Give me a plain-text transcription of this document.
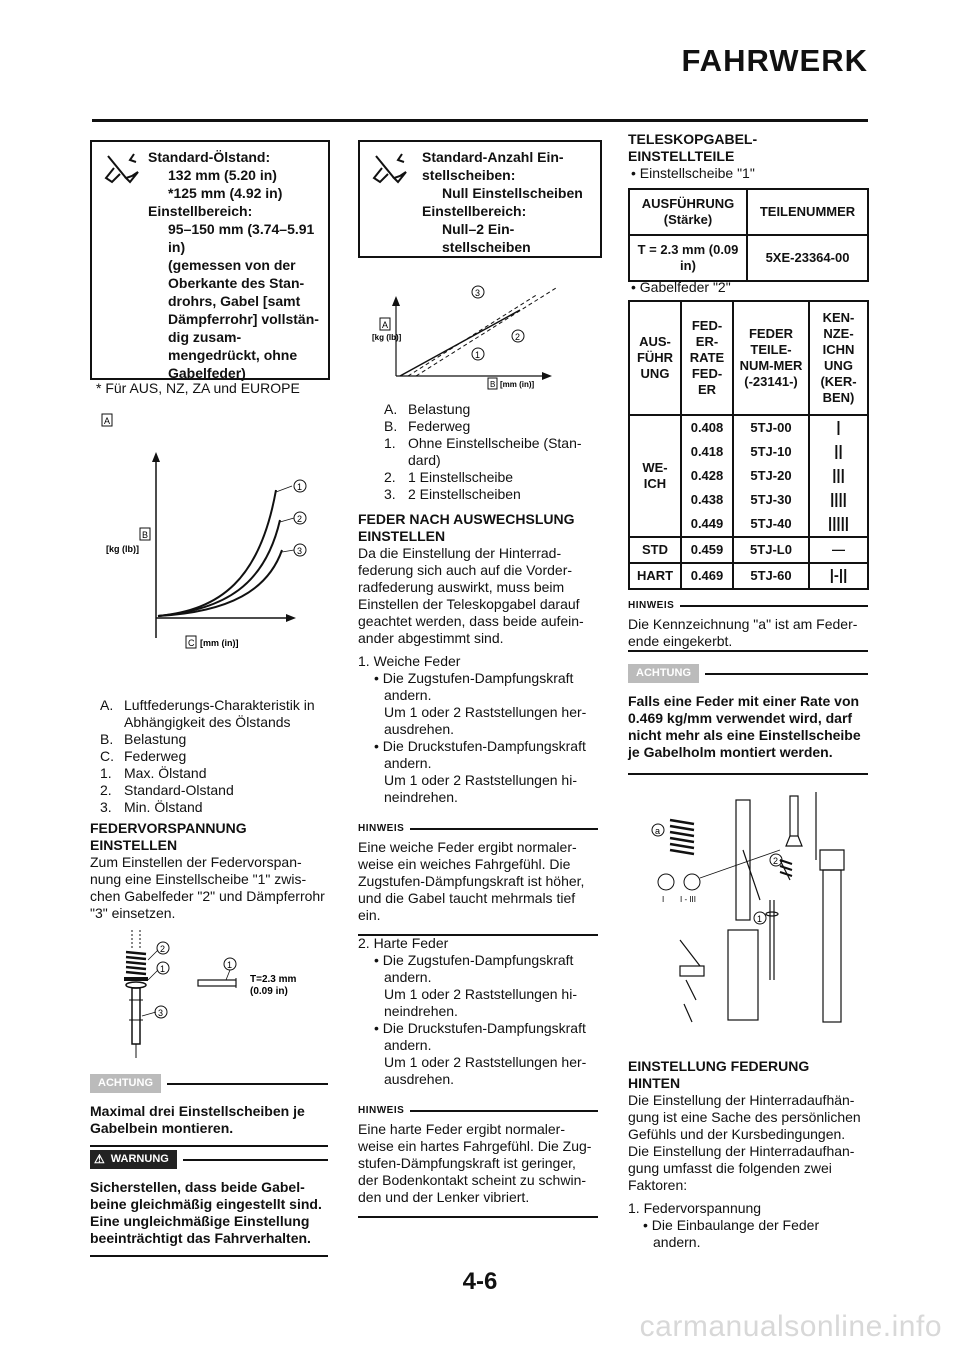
FAHRWERK
Standard-Ölstand:
132 mm (5.20 in)
*125 mm (4.92 in)
Einstellbereich:
95–150 mm (3.74–5.91
in)
(gemessen von der
Oberkante des Stan-
drohrs, Gabel [samt
Dämpferrohr] vollstän-
dig zusam-
mengedrückt, ohne
Gabelfeder)
* Für AUS, NZ, ZA und EUROPE
A
1
2
3
B
[kg (lb)]
C [mm (in)]
A. Luftfederungs-Charakteristik in Abhängigkeit des Ölstands
B. Belastung
C. Federweg
1. Max. Ölstand
2. Standard-Olstand
3. Min. Ölstand
FEDERVORSPANNUNG EINSTELLEN
Zum Einstellen der Federvorspan-nung eine Einstellscheibe "1" zwis-chen Gabelfeder "2" und Dämpferrohr "3" einsetzen.
2
1
3
1
T=2.3 mm
(0.09 in)
ACHTUNG
Maximal drei Einstellscheiben je Gabelbein montieren.
⚠ WARNUNG
Sicherstellen, dass beide Gabel-beine gleichmäßig eingestellt sind. Eine ungleichmäßige Einstellung beeinträchtigt das Fahrverhalten.
Standard-Anzahl Ein-
stellscheiben:
Null Einstellscheiben
Einstellbereich:
Null–2 Ein-
stellscheiben
1
2
3
A
[kg (lb)]
B [mm (in)]
A. Belastung
B. Federweg
1. Ohne Einstellscheibe (Stan-dard)
2. 1 Einstellscheibe
3. 2 Einstellscheiben
FEDER NACH AUSWECHSLUNG EINSTELLEN
Da die Einstellung der Hinterrad-federung sich auch auf die Vorder-radfederung auswirkt, muss beim Einstellen der Teleskopgabel darauf geachtet werden, dass beide aufein-ander abgestimmt sind.
1. Weiche Feder
• Die Zugstufen-Dampfungskraft
andern.
Um 1 oder 2 Raststellungen her-ausdrehen.
• Die Druckstufen-Dampfungskraft
andern.
Um 1 oder 2 Raststellungen hi-neindrehen.
HINWEIS
Eine weiche Feder ergibt normaler-weise ein weiches Fahrgefühl. Die Zugstufen-Dämpfungskraft ist höher, und die Gabel taucht mehrmals tief ein.
2. Harte Feder
• Die Zugstufen-Dampfungskraft
andern.
Um 1 oder 2 Raststellungen hi-neindrehen.
• Die Druckstufen-Dampfungskraft
andern.
Um 1 oder 2 Raststellungen her-ausdrehen.
HINWEIS
Eine harte Feder ergibt normaler-weise ein hartes Fahrgefühl. Die Zug-stufen-Dämpfungskraft ist geringer, der Bodenkontakt scheint zu schwin-den und der Lenker vibriert.
TELESKOPGABEL-EINSTELLTEILE
• Einstellscheibe "1"
AUSFÜHRUNG (Stärke)	TEILENUMMER
T = 2.3 mm (0.09 in)	5XE-23364-00
• Gabelfeder "2"
AUS-FÜHR UNG	FED-ER-RATE FED-ER	FEDER TEILE-NUM-MER (-23141-)	KEN-NZE-ICHN UNG (KER-BEN)
WE-ICH	0.408	5TJ-00	|
	0.418	5TJ-10	||
	0.428	5TJ-20	|||
	0.438	5TJ-30	||||
	0.449	5TJ-40	|||||
STD	0.459	5TJ-L0	—
HART	0.469	5TJ-60	|-||
HINWEIS
Die Kennzeichnung "a" ist am Feder-ende eingekerbt.
ACHTUNG
Falls eine Feder mit einer Rate von 0.469 kg/mm verwendet wird, darf nicht mehr als eine Einstellscheibe je Gabelholm montiert werden.
a
2
1
I I - III
EINSTELLUNG FEDERUNG HINTEN
Die Einstellung der Hinterradaufhän-gung ist eine Sache des persönlichen Gefühls und der Kursbedingungen. Die Einstellung der Hinterradaufhan-gung umfasst die folgenden zwei Faktoren:
1. Federvorspannung
• Die Einbaulange der Feder
andern.
4-6
carmanualsonline.info
